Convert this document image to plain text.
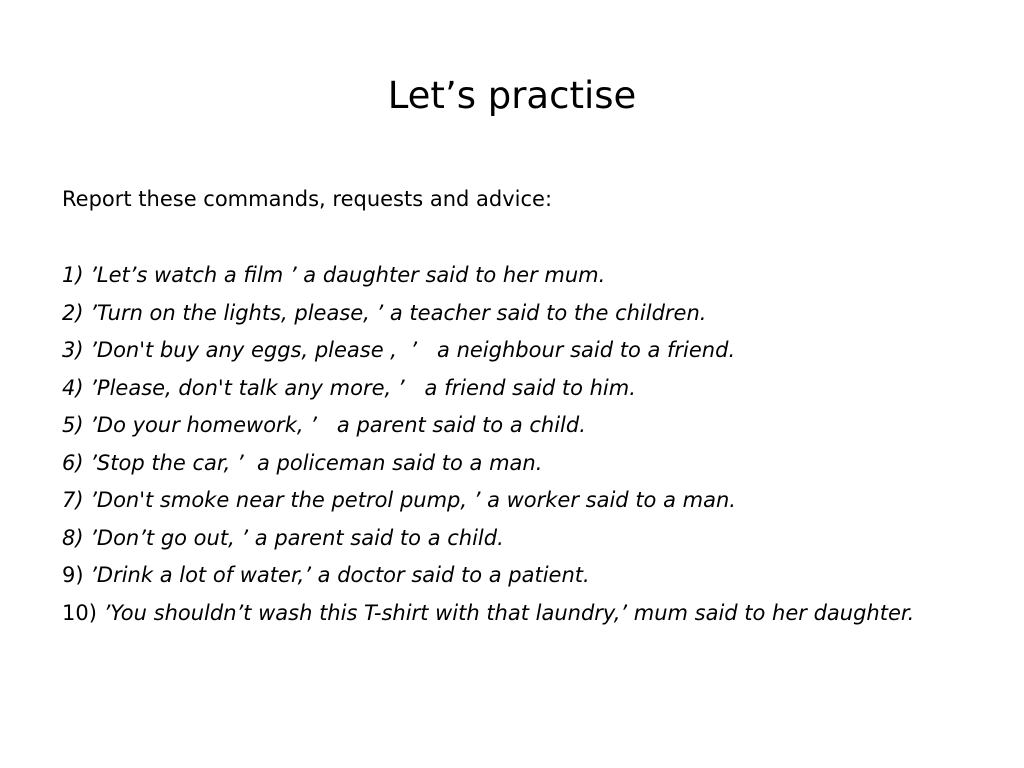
Let’s practise

Report these commands, requests and advice:

1) ’Let’s watch a film ’ a daughter said to her mum.
2) ’Turn on the lights, please, ’ a teacher said to the children.
3) ’Don't buy any eggs, please ,  ’   a neighbour said to a friend.
4) ’Please, don't talk any more, ’   a friend said to him.
5) ’Do your homework, ’   a parent said to a child.
6) ’Stop the car, ’  a policeman said to a man.
7) ’Don't smoke near the petrol pump, ’ a worker said to a man.
8) ’Don’t go out, ’ a parent said to a child.
9) ’Drink a lot of water,’ a doctor said to a patient.
10) ’You shouldn’t wash this T-shirt with that laundry,’ mum said to her daughter.
